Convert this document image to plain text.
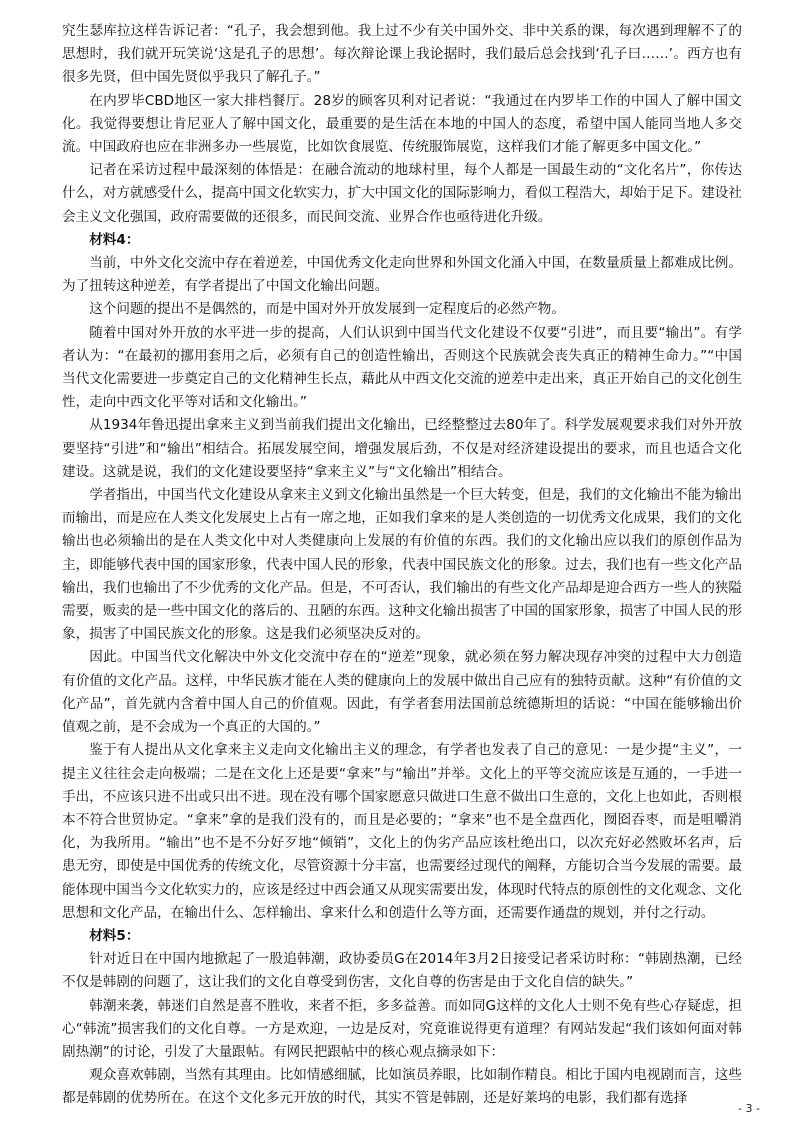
究生瑟库拉这样告诉记者：“孔子，我会想到他。我上过不少有关中国外交、非中关系的课，每次遇到理解不了的思想时，我们就开玩笑说‘这是孔子的思想’。每次辩论课上我论据时，我们最后总会找到‘孔子曰……’。西方也有很多先贤，但中国先贤似乎我只了解孔子。”

在内罗毕CBD地区一家大排档餐厅。28岁的顾客贝利对记者说：“我通过在内罗毕工作的中国人了解中国文化。我觉得要想让肯尼亚人了解中国文化，最重要的是生活在本地的中国人的态度，希望中国人能同当地人多交流。中国政府也应在非洲多办一些展览，比如饮食展览、传统服饰展览，这样我们才能了解更多中国文化。”

记者在采访过程中最深刻的体悟是：在融合流动的地球村里，每个人都是一国最生动的“文化名片”，你传达什么，对方就感受什么，提高中国文化软实力，扩大中国文化的国际影响力，看似工程浩大，却始于足下。建设社会主义文化强国，政府需要做的还很多，而民间交流、业界合作也亟待进化升级。

材料4：

当前，中外文化交流中存在着逆差，中国优秀文化走向世界和外国文化涌入中国，在数量质量上都难成比例。为了扭转这种逆差，有学者提出了中国文化输出问题。

这个问题的提出不是偶然的，而是中国对外开放发展到一定程度后的必然产物。

随着中国对外开放的水平进一步的提高，人们认识到中国当代文化建设不仅要“引进”，而且要“输出”。有学者认为：“在最初的挪用套用之后，必须有自己的创造性输出，否则这个民族就会丧失真正的精神生命力。”“中国当代文化需要进一步奠定自己的文化精神生长点，藉此从中西文化交流的逆差中走出来，真正开始自己的文化创生性，走向中西文化平等对话和文化输出。”

从1934年鲁迅提出拿来主义到当前我们提出文化输出，已经整整过去80年了。科学发展观要求我们对外开放要坚持“引进”和“输出”相结合。拓展发展空间，增强发展后劲，不仅是对经济建设提出的要求，而且也适合文化建设。这就是说，我们的文化建设要坚持“拿来主义”与“文化输出”相结合。

学者指出，中国当代文化建设从拿来主义到文化输出虽然是一个巨大转变，但是，我们的文化输出不能为输出而输出，而是应在人类文化发展史上占有一席之地，正如我们拿来的是人类创造的一切优秀文化成果，我们的文化输出也必须输出的是在人类文化中对人类健康向上发展的有价值的东西。我们的文化输出应以我们的原创作品为主，即能够代表中国的国家形象，代表中国人民的形象，代表中国民族文化的形象。过去，我们也有一些文化产品输出，我们也输出了不少优秀的文化产品。但是，不可否认，我们输出的有些文化产品却是迎合西方一些人的狭隘需要，贩卖的是一些中国文化的落后的、丑陋的东西。这种文化输出损害了中国的国家形象，损害了中国人民的形象，损害了中国民族文化的形象。这是我们必须坚决反对的。

因此。中国当代文化解决中外文化交流中存在的“逆差”现象，就必须在努力解决现存冲突的过程中大力创造有价值的文化产品。这样，中华民族才能在人类的健康向上的发展中做出自己应有的独特贡献。这种“有价值的文化产品”，首先就内含着中国人自己的价值观。因此，有学者套用法国前总统德斯坦的话说：“中国在能够输出价值观之前，是不会成为一个真正的大国的。”

鉴于有人提出从文化拿来主义走向文化输出主义的理念，有学者也发表了自己的意见：一是少提“主义”，一提主义往往会走向极端；二是在文化上还是要“拿来”与“输出”并举。文化上的平等交流应该是互通的，一手进一手出，不应该只进不出或只出不进。现在没有哪个国家愿意只做进口生意不做出口生意的，文化上也如此，否则根本不符合世贸协定。“拿来”拿的是我们没有的，而且是必要的；“拿来”也不是全盘西化，囫囵吞枣，而是咀嚼消化，为我所用。“输出”也不是不分好歹地“倾销”，文化上的伪劣产品应该杜绝出口，以次充好必然败坏名声，后患无穷，即使是中国优秀的传统文化，尽管资源十分丰富，也需要经过现代的阐释，方能切合当今发展的需要。最能体现中国当今文化软实力的，应该是经过中西会通又从现实需要出发，体现时代特点的原创性的文化观念、文化思想和文化产品，在输出什么、怎样输出、拿来什么和创造什么等方面，还需要作通盘的规划，并付之行动。

材料5：

针对近日在中国内地掀起了一股追韩潮，政协委员G在2014年3月2日接受记者采访时称：“韩剧热潮，已经不仅是韩剧的问题了，这让我们的文化自尊受到伤害，文化自尊的伤害是由于文化自信的缺失。”

韩潮来袭，韩迷们自然是喜不胜收，来者不拒，多多益善。而如同G这样的文化人士则不免有些心存疑虑，担心“韩流”损害我们的文化自尊。一方是欢迎，一边是反对，究竟谁说得更有道理？有网站发起“我们该如何面对韩剧热潮”的讨论，引发了大量跟帖。有网民把跟帖中的核心观点摘录如下：

观众喜欢韩剧，当然有其理由。比如情感细腻，比如演员养眼，比如制作精良。相比于国内电视剧而言，这些都是韩剧的优势所在。在这个文化多元开放的时代，其实不管是韩剧，还是好莱坞的电影，我们都有选择

- 3 -
